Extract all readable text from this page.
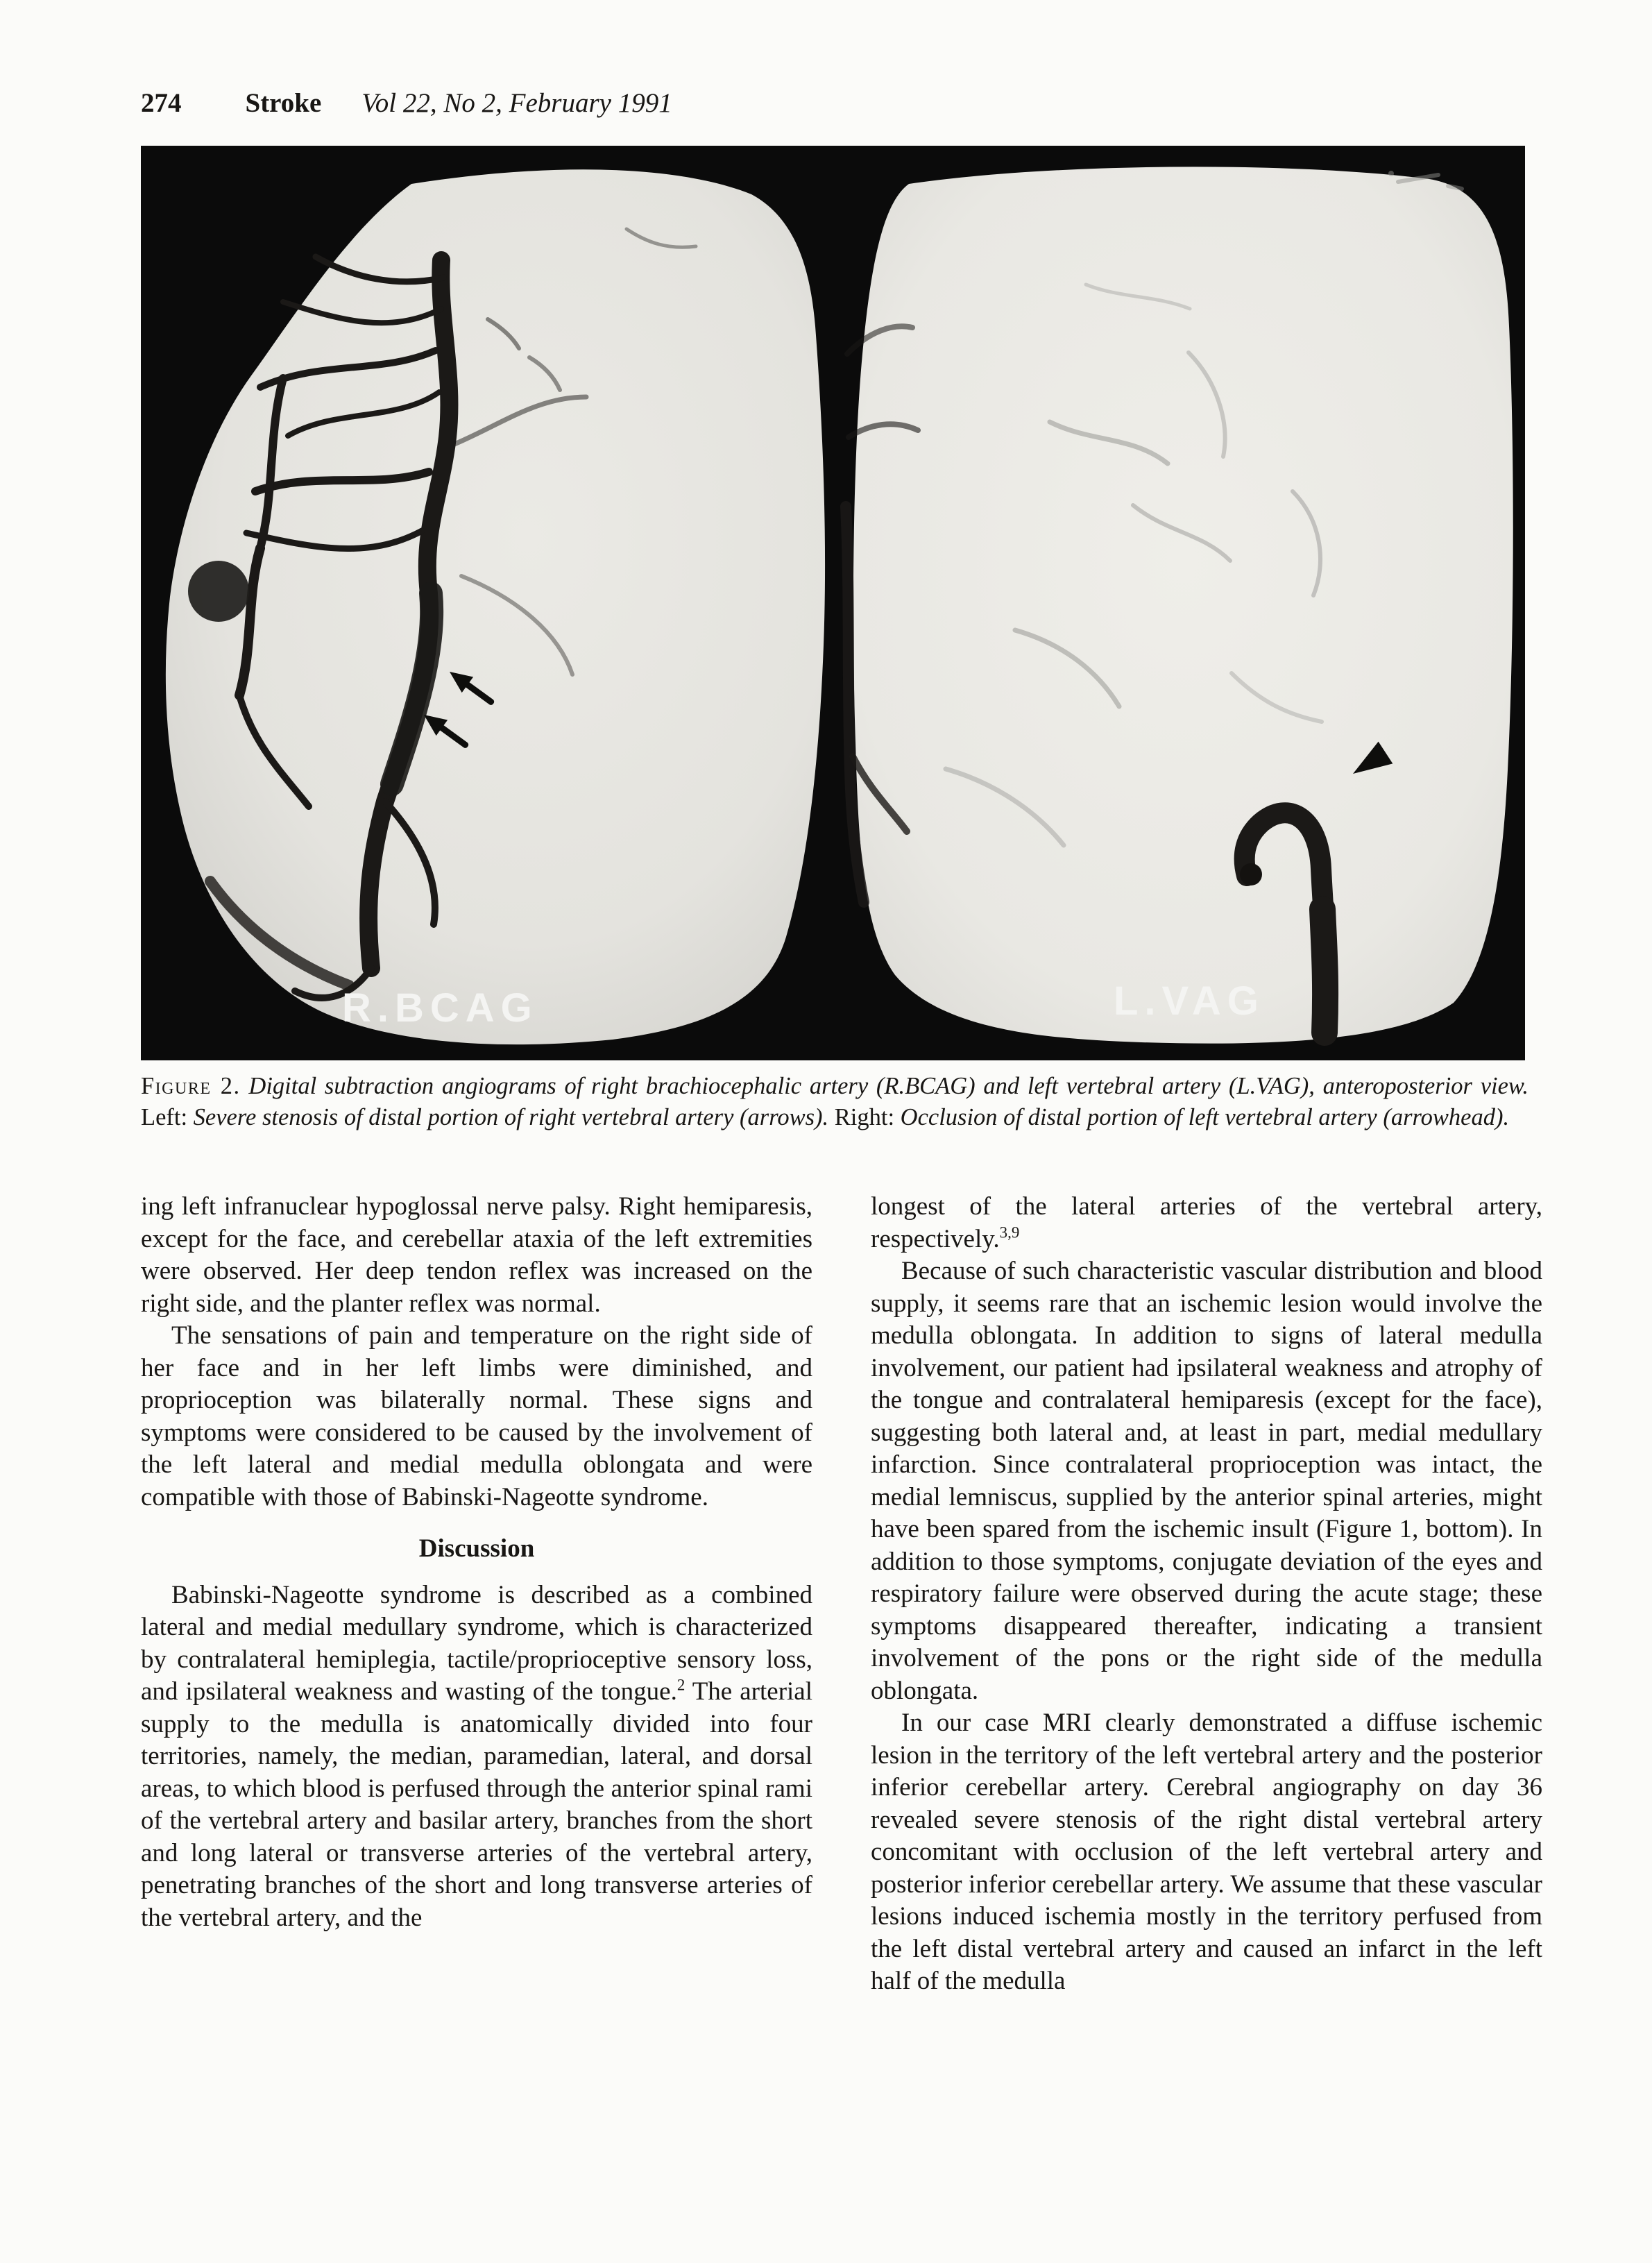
274 Stroke Vol 22, No 2, February 1991
R.BCAG	L.VAG
Figure 2. Digital subtraction angiograms of right brachiocephalic artery (R.BCAG) and left vertebral artery (L.VAG), anteroposterior view. Left: Severe stenosis of distal portion of right vertebral artery (arrows). Right: Occlusion of distal portion of left vertebral artery (arrowhead).

ing left infranuclear hypoglossal nerve palsy. Right hemiparesis, except for the face, and cerebellar ataxia of the left extremities were observed. Her deep tendon reflex was increased on the right side, and the planter reflex was normal.

The sensations of pain and temperature on the right side of her face and in her left limbs were diminished, and proprioception was bilaterally normal. These signs and symptoms were considered to be caused by the involvement of the left lateral and medial medulla oblongata and were compatible with those of Babinski-Nageotte syndrome.

Discussion

Babinski-Nageotte syndrome is described as a combined lateral and medial medullary syndrome, which is characterized by contralateral hemiplegia, tactile/proprioceptive sensory loss, and ipsilateral weakness and wasting of the tongue.$^2$ The arterial supply to the medulla is anatomically divided into four territories, namely, the median, paramedian, lateral, and dorsal areas, to which blood is perfused through the anterior spinal rami of the vertebral artery and basilar artery, branches from the short and long lateral or transverse arteries of the vertebral artery, penetrating branches of the short and long transverse arteries of the vertebral artery, and the

longest of the lateral arteries of the vertebral artery, respectively.$^{3,9}$

Because of such characteristic vascular distribution and blood supply, it seems rare that an ischemic lesion would involve the medulla oblongata. In addition to signs of lateral medulla involvement, our patient had ipsilateral weakness and atrophy of the tongue and contralateral hemiparesis (except for the face), suggesting both lateral and, at least in part, medial medullary infarction. Since contralateral proprioception was intact, the medial lemniscus, supplied by the anterior spinal arteries, might have been spared from the ischemic insult (Figure 1, bottom). In addition to those symptoms, conjugate deviation of the eyes and respiratory failure were observed during the acute stage; these symptoms disappeared thereafter, indicating a transient involvement of the pons or the right side of the medulla oblongata.

In our case MRI clearly demonstrated a diffuse ischemic lesion in the territory of the left vertebral artery and the posterior inferior cerebellar artery. Cerebral angiography on day 36 revealed severe stenosis of the right distal vertebral artery concomitant with occlusion of the left vertebral artery and posterior inferior cerebellar artery. We assume that these vascular lesions induced ischemia mostly in the territory perfused from the left distal vertebral artery and caused an infarct in the left half of the medulla
